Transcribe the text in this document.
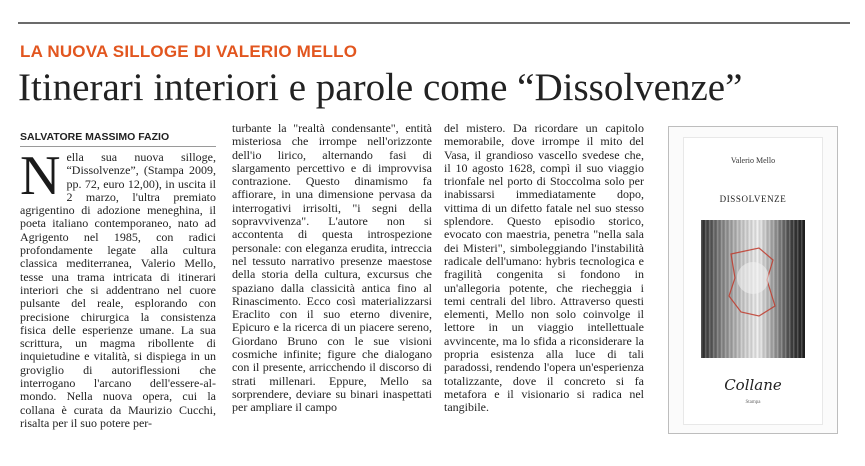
LA NUOVA SILLOGE DI VALERIO MELLO
Itinerari interiori e parole come “Dissolvenze”
SALVATORE MASSIMO FAZIO
N ella sua nuova silloge, “Dissolvenze”, (Stampa 2009, pp. 72, euro 12,00), in uscita il 2 marzo, l'ultra premiato agrigentino di adozione meneghina, il poeta italiano contemporaneo, nato ad Agrigento nel 1985, con radici profondamente legate alla cultura classica mediterranea, Valerio Mello, tesse una trama intricata di itinerari interiori che si addentrano nel cuore pulsante del reale, esplorando con precisione chirurgica la consistenza fisica delle esperienze umane. La sua scrittura, un magma ribollente di inquietudine e vitalità, si dispiega in un groviglio di autoriflessioni che interrogano l'arcano dell'essere-al- mondo. Nella nuova opera, cui la collana è curata da Maurizio Cucchi, risalta per il suo potere per-

turbante la "realtà condensante", entità misteriosa che irrompe nell'orizzonte dell'io lirico, alternando fasi di slargamento percettivo e di improvvisa contrazione. Questo dinamismo fa affiorare, in una dimensione pervasa da interrogativi irrisolti, "i segni della sopravvivenza". L'autore non si accontenta di questa introspezione personale: con eleganza erudita, intreccia nel tessuto narrativo presenze maestose della storia della cultura, excursus che spaziano dalla classicità antica fino al Rinascimento. Ecco così materializzarsi Eraclito con il suo eterno divenire, Epicuro e la ricerca di un piacere sereno, Giordano Bruno con le sue visioni cosmiche infinite; figure che dialogano con il presente, arricchendo il discorso di strati millenari. Eppure, Mello sa sorprendere, deviare su binari inaspettati per ampliare il campo

del mistero. Da ricordare un capitolo memorabile, dove irrompe il mito del Vasa, il grandioso vascello svedese che, il 10 agosto 1628, compì il suo viaggio trionfale nel porto di Stoccolma solo per inabissarsi immediatamente dopo, vittima di un difetto fatale nel suo stesso splendore. Questo episodio storico, evocato con maestria, penetra "nella sala dei Misteri", simboleggiando l'instabilità radicale dell'umano: hybris tecnologica e fragilità congenita si fondono in un'allegoria potente, che riecheggia i temi centrali del libro. Attraverso questi elementi, Mello non solo coinvolge il lettore in un viaggio intellettuale avvincente, ma lo sfida a riconsiderare la propria esistenza alla luce di tali paradossi, rendendo l'opera un'esperienza totalizzante, dove il concreto si fa metafora e il visionario si radica nel tangibile.

Valerio Mello
DISSOLVENZE
Collane
Stampa
